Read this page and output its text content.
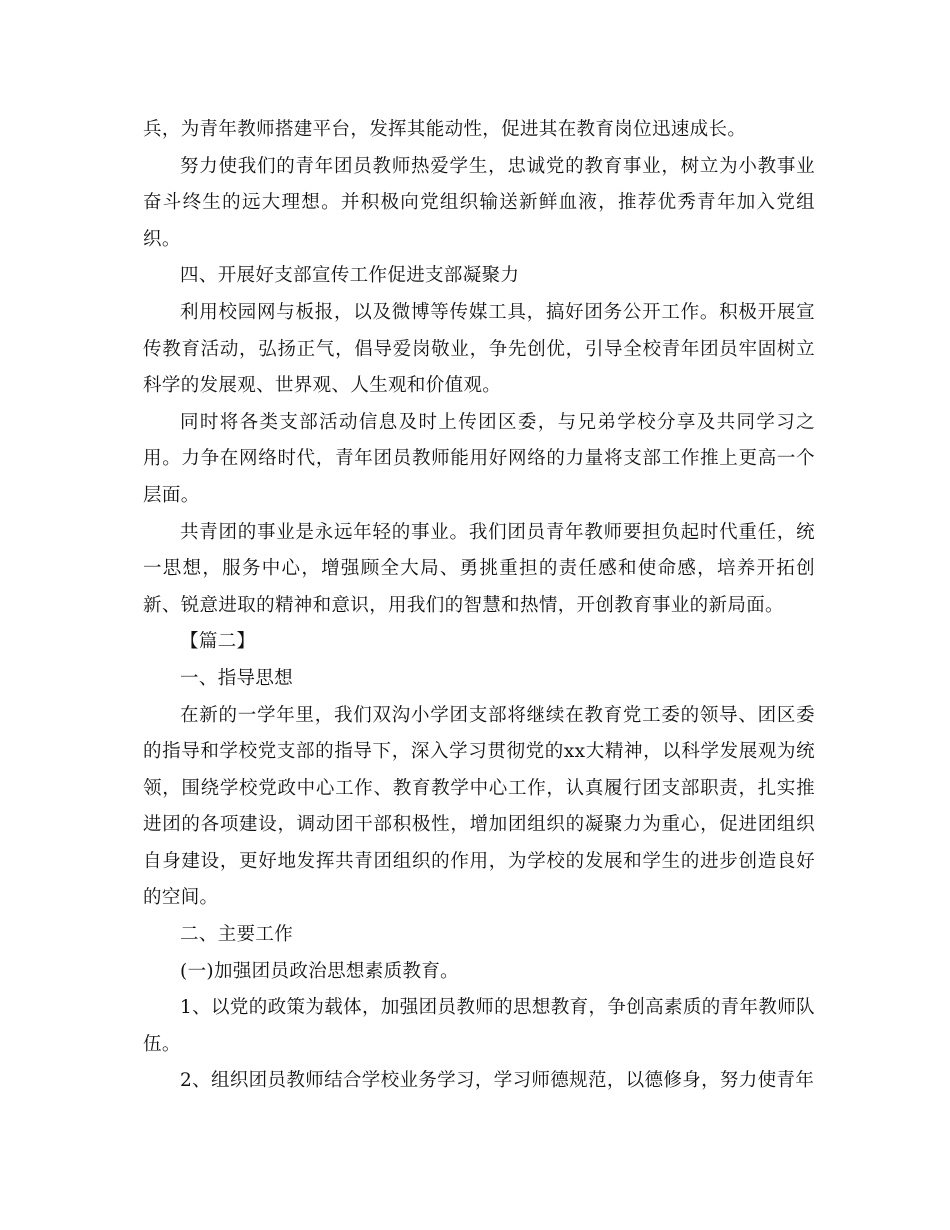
兵，为青年教师搭建平台，发挥其能动性，促进其在教育岗位迅速成长。

努力使我们的青年团员教师热爱学生，忠诚党的教育事业，树立为小教事业奋斗终生的远大理想。并积极向党组织输送新鲜血液，推荐优秀青年加入党组织。

四、开展好支部宣传工作促进支部凝聚力

利用校园网与板报，以及微博等传媒工具，搞好团务公开工作。积极开展宣传教育活动，弘扬正气，倡导爱岗敬业，争先创优，引导全校青年团员牢固树立科学的发展观、世界观、人生观和价值观。

同时将各类支部活动信息及时上传团区委，与兄弟学校分享及共同学习之用。力争在网络时代，青年团员教师能用好网络的力量将支部工作推上更高一个层面。

共青团的事业是永远年轻的事业。我们团员青年教师要担负起时代重任，统一思想，服务中心，增强顾全大局、勇挑重担的责任感和使命感，培养开拓创新、锐意进取的精神和意识，用我们的智慧和热情，开创教育事业的新局面。

【篇二】

一、指导思想

在新的一学年里，我们双沟小学团支部将继续在教育党工委的领导、团区委的指导和学校党支部的指导下，深入学习贯彻党的xx大精神，以科学发展观为统领，围绕学校党政中心工作、教育教学中心工作，认真履行团支部职责，扎实推进团的各项建设，调动团干部积极性，增加团组织的凝聚力为重心，促进团组织自身建设，更好地发挥共青团组织的作用，为学校的发展和学生的进步创造良好的空间。

二、主要工作

(一)加强团员政治思想素质教育。

1、以党的政策为载体，加强团员教师的思想教育，争创高素质的青年教师队伍。

2、组织团员教师结合学校业务学习，学习师德规范，以德修身，努力使青年
